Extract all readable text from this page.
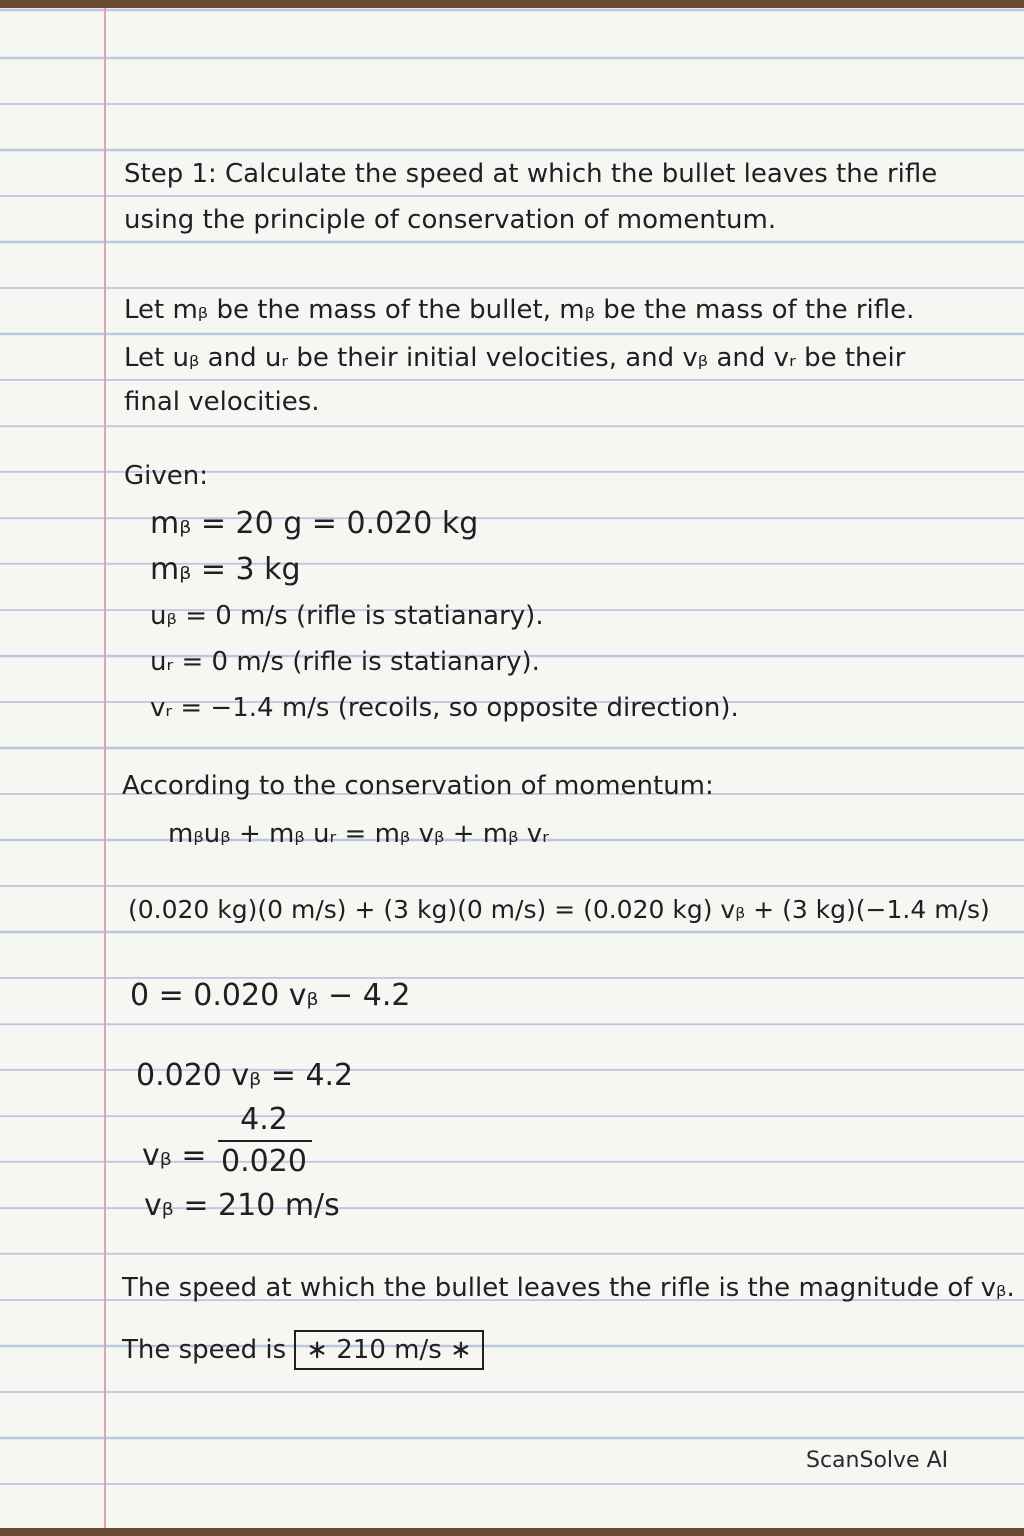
Step 1: Calculate the speed at which the bullet leaves the rifle
using the principle of conservation of momentum.
Let mᵦ be the mass of the bullet, mᵦ be the mass of the rifle.
Let uᵦ and uᵣ be their initial velocities, and vᵦ and vᵣ be their
final velocities.
Given:
mᵦ = 20 g = 0.020 kg
mᵦ = 3 kg
uᵦ = 0 m/s (rifle is statianary).
uᵣ = 0 m/s (rifle is statianary).
vᵣ = −1.4 m/s (recoils, so opposite direction).
According to the conservation of momentum:
mᵦuᵦ + mᵦ uᵣ = mᵦ vᵦ + mᵦ vᵣ
(0.020 kg)(0 m/s) + (3 kg)(0 m/s) = (0.020 kg) vᵦ + (3 kg)(−1.4 m/s)
0 = 0.020 vᵦ − 4.2
0.020 vᵦ = 4.2
vᵦ =
4.2
0.020
vᵦ = 210 m/s
The speed at which the bullet leaves the rifle is the magnitude of vᵦ.
The speed is ∗ 210 m/s ∗
ScanSolve AI
